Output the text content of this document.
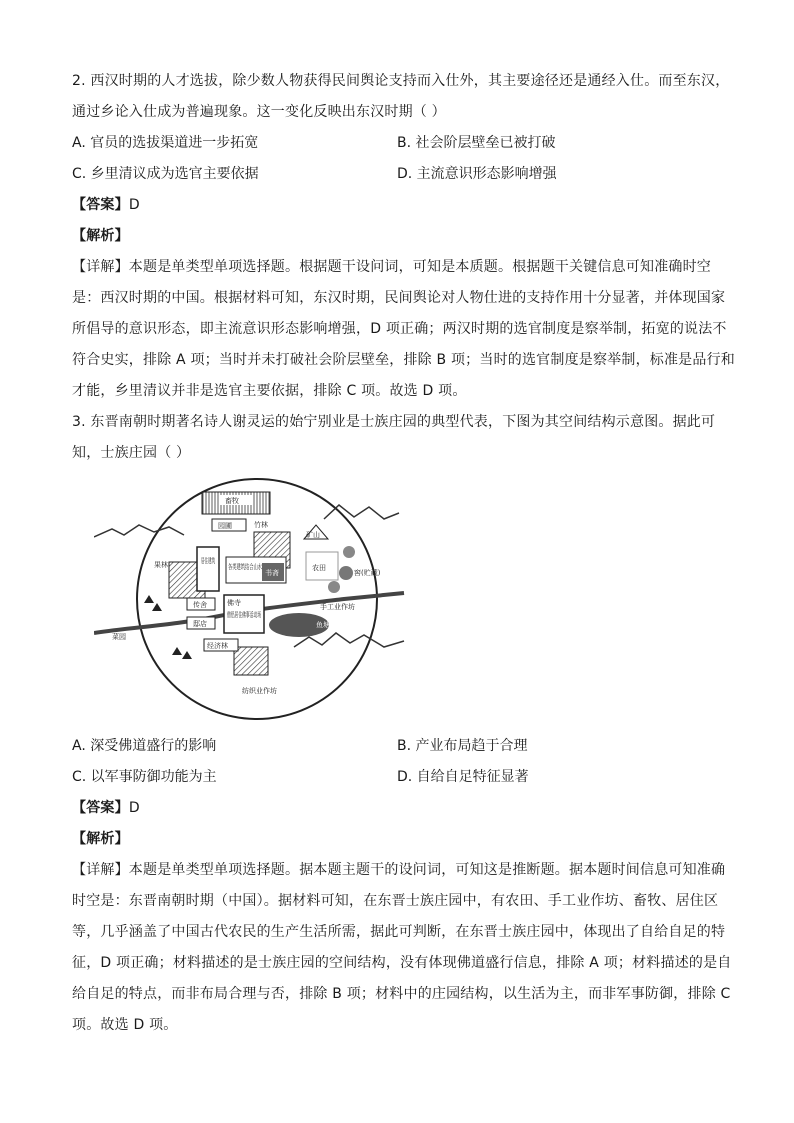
2. 西汉时期的人才选拔，除少数人物获得民间舆论支持而入仕外，其主要途径还是通经入仕。而至东汉，
通过乡论入仕成为普遍现象。这一变化反映出东汉时期（ ）
A. 官员的选拔渠道进一步拓宽	B. 社会阶层壁垒已被打破
C. 乡里清议成为选官主要依据	D. 主流意识形态影响增强
【答案】D
【解析】
【详解】本题是单类型单项选择题。根据题干设问词，可知是本质题。根据题干关键信息可知准确时空
是：西汉时期的中国。根据材料可知，东汉时期，民间舆论对人物仕进的支持作用十分显著，并体现国家
所倡导的意识形态，即主流意识形态影响增强，D 项正确；两汉时期的选官制度是察举制，拓宽的说法不
符合史实，排除 A 项；当时并未打破社会阶层壁垒，排除 B 项；当时的选官制度是察举制，标准是品行和
才能，乡里清议并非是选官主要依据，排除 C 项。故选 D 项。
3. 东晋南朝时期著名诗人谢灵运的始宁别业是士族庄园的典型代表，下图为其空间结构示意图。据此可
知，士族庄园（ ）
畜牧
园圃	竹林
矿山
各类建筑结合山水
书斋
农田
窖(贮藏)
果林
手工业作坊
传舍
邸店
佛寺
僧侣居住佛事活动场
鱼塘
菜园
经济林
纺织业作坊
A. 深受佛道盛行的影响	B. 产业布局趋于合理
C. 以军事防御功能为主	D. 自给自足特征显著
【答案】D
【解析】
【详解】本题是单类型单项选择题。据本题主题干的设问词，可知这是推断题。据本题时间信息可知准确
时空是：东晋南朝时期（中国）。据材料可知，在东晋士族庄园中，有农田、手工业作坊、畜牧、居住区
等，几乎涵盖了中国古代农民的生产生活所需，据此可判断，在东晋士族庄园中，体现出了自给自足的特
征，D 项正确；材料描述的是士族庄园的空间结构，没有体现佛道盛行信息，排除 A 项；材料描述的是自
给自足的特点，而非布局合理与否，排除 B 项；材料中的庄园结构，以生活为主，而非军事防御，排除 C
项。故选 D 项。
